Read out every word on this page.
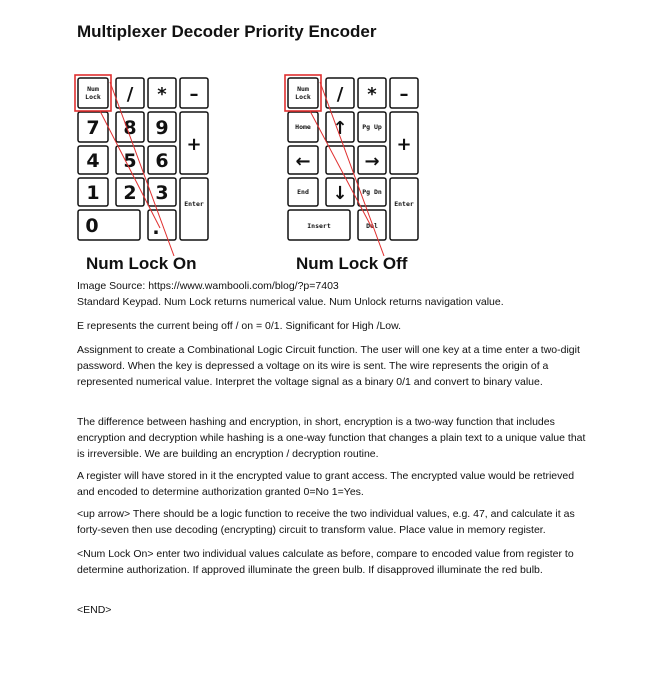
Multiplexer Decoder Priority Encoder
Num
Lock / * –
7 8 9
+
4 5 6
1 2 3 Enter
0	.
Num
Lock / * –
Home ↑ Pg Up
+
←	→
End ↓ Pg Dn
Enter
Insert	Del
Num Lock On	Num Lock Off
Image Source: https://www.wambooli.com/blog/?p=7403
Standard Keypad. Num Lock returns numerical value. Num Unlock returns navigation value.
E represents the current being off / on = 0/1. Significant for High /Low.
Assignment to create a Combinational Logic Circuit function. The user will one key at a time enter a two-digit password. When the key is depressed a voltage on its wire is sent. The wire represents the origin of a represented numerical value. Interpret the voltage signal as a binary 0/1 and convert to binary value.
The difference between hashing and encryption, in short, encryption is a two-way function that includes encryption and decryption while hashing is a one-way function that changes a plain text to a unique value that is irreversible. We are building an encryption / decryption routine.
A register will have stored in it the encrypted value to grant access. The encrypted value would be retrieved and encoded to determine authorization granted 0=No 1=Yes.
<up arrow> There should be a logic function to receive the two individual values, e.g. 47, and calculate it as forty-seven then use decoding (encrypting) circuit to transform value. Place value in memory register.
<Num Lock On> enter two individual values calculate as before, compare to encoded value from register to determine authorization. If approved illuminate the green bulb. If disapproved illuminate the red bulb.
<END>
